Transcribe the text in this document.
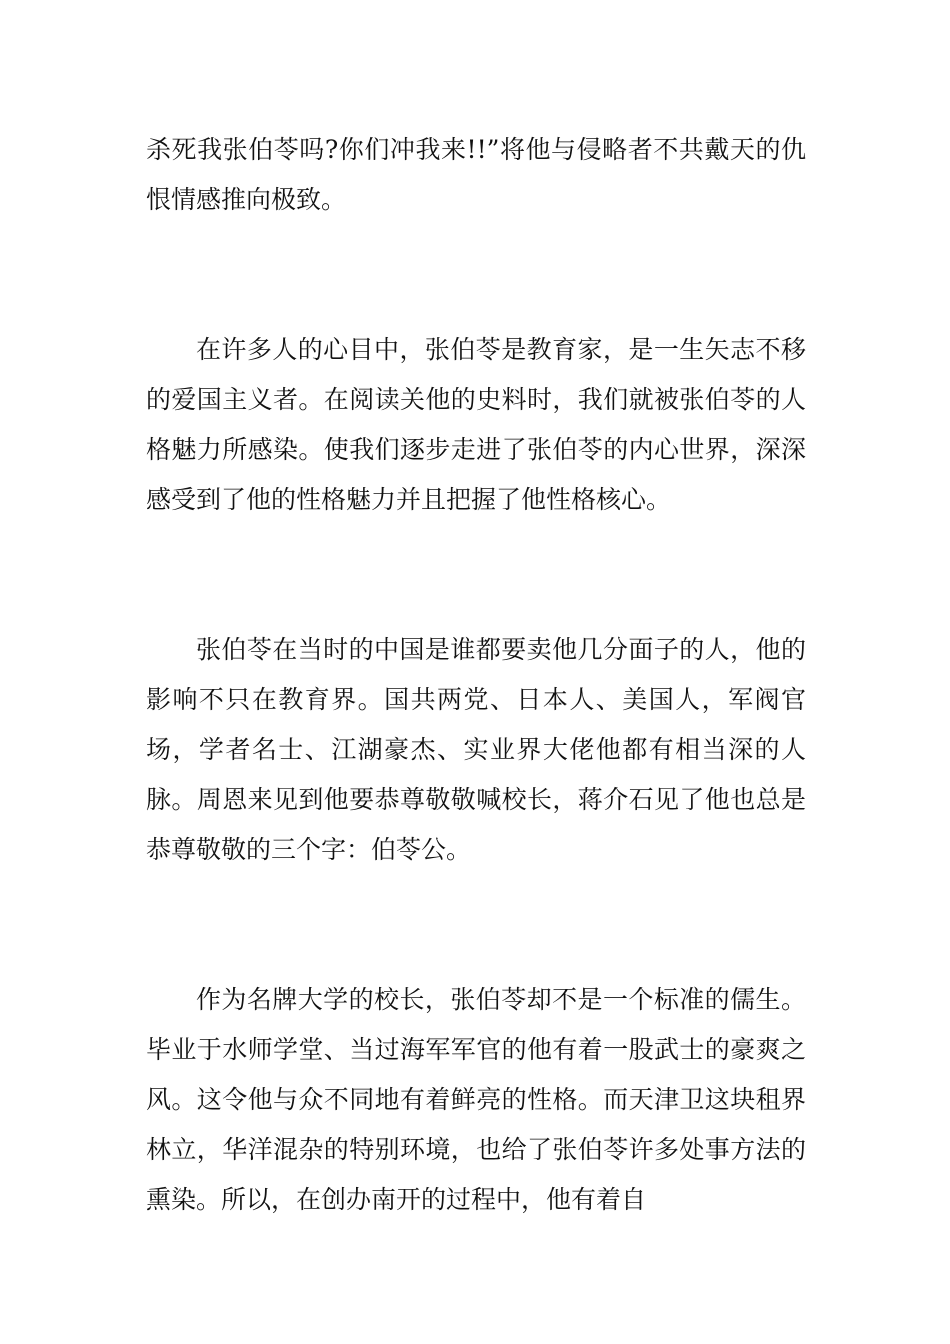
杀死我张伯苓吗?你们冲我来!!”将他与侵略者不共戴天的仇恨情感推向极致。

在许多人的心目中，张伯苓是教育家，是一生矢志不移的爱国主义者。在阅读关他的史料时，我们就被张伯苓的人格魅力所感染。使我们逐步走进了张伯苓的内心世界，深深感受到了他的性格魅力并且把握了他性格核心。

张伯苓在当时的中国是谁都要卖他几分面子的人，他的影响不只在教育界。国共两党、日本人、美国人，军阀官场，学者名士、江湖豪杰、实业界大佬他都有相当深的人脉。周恩来见到他要恭尊敬敬喊校长，蒋介石见了他也总是恭尊敬敬的三个字：伯苓公。

作为名牌大学的校长，张伯苓却不是一个标准的儒生。毕业于水师学堂、当过海军军官的他有着一股武士的豪爽之风。这令他与众不同地有着鲜亮的性格。而天津卫这块租界林立，华洋混杂的特别环境，也给了张伯苓许多处事方法的熏染。所以，在创办南开的过程中，他有着自
